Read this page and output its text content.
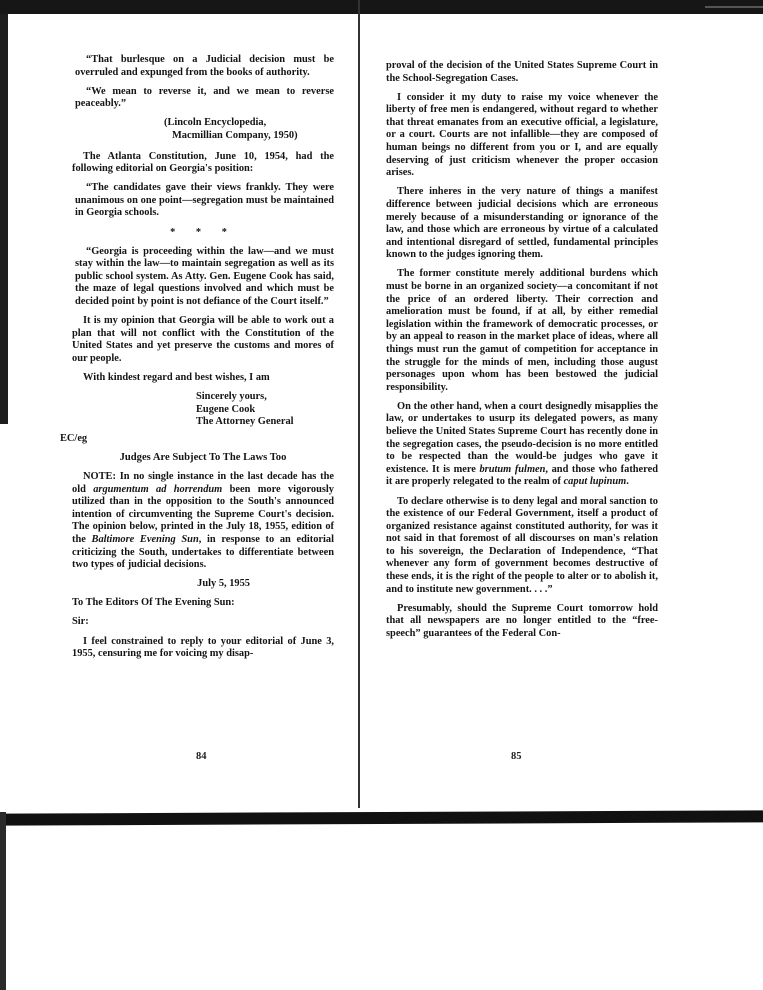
“That burlesque on a Judicial decision must be overruled and expunged from the books of authority.

“We mean to reverse it, and we mean to reverse peaceably.”

(Lincoln Encyclopedia,

Macmillian Company, 1950)

The Atlanta Constitution, June 10, 1954, had the following editorial on Georgia's position:

“The candidates gave their views frankly. They were unanimous on one point—segregation must be maintained in Georgia schools.

* * *

“Georgia is proceeding within the law—and we must stay within the law—to maintain segregation as well as its public school system. As Atty. Gen. Eugene Cook has said, the maze of legal questions involved and which must be decided point by point is not defiance of the Court itself.”

It is my opinion that Georgia will be able to work out a plan that will not conflict with the Constitution of the United States and yet preserve the customs and mores of our people.

With kindest regard and best wishes, I am

Sincerely yours,
Eugene Cook
The Attorney General

EC/eg

Judges Are Subject To The Laws Too

NOTE: In no single instance in the last decade has the old argumentum ad horrendum been more vigorously utilized than in the opposition to the South's announced intention of circumventing the Supreme Court's decision. The opinion below, printed in the July 18, 1955, edition of the Baltimore Evening Sun, in response to an editorial criticizing the South, undertakes to differentiate between two types of judicial decisions.

July 5, 1955

To The Editors Of The Evening Sun:

Sir:

I feel constrained to reply to your editorial of June 3, 1955, censuring me for voicing my disap-

proval of the decision of the United States Supreme Court in the School-Segregation Cases.

I consider it my duty to raise my voice whenever the liberty of free men is endangered, without regard to whether that threat emanates from an executive official, a legislature, or a court. Courts are not infallible—they are composed of human beings no different from you or I, and are equally deserving of just criticism whenever the proper occasion arises.

There inheres in the very nature of things a manifest difference between judicial decisions which are erroneous merely because of a misunderstanding or ignorance of the law, and those which are erroneous by virtue of a calculated and intentional disregard of settled, fundamental principles known to the judges ignoring them.

The former constitute merely additional burdens which must be borne in an organized society—a concomitant if not the price of an ordered liberty. Their correction and amelioration must be found, if at all, by either remedial legislation within the framework of democratic processes, or by an appeal to reason in the market place of ideas, where all things must run the gamut of competition for acceptance in the struggle for the minds of men, including those august personages upon whom has been bestowed the judicial responsibility.

On the other hand, when a court designedly misapplies the law, or undertakes to usurp its delegated powers, as many believe the United States Supreme Court has recently done in the segregation cases, the pseudo-decision is no more entitled to be respected than the would-be judges who gave it existence. It is mere brutum fulmen, and those who fathered it are properly relegated to the realm of caput lupinum.

To declare otherwise is to deny legal and moral sanction to the existence of our Federal Government, itself a product of organized resistance against constituted authority, for was it not said in that foremost of all discourses on man's relation to his sovereign, the Declaration of Independence, “That whenever any form of government becomes destructive of these ends, it is the right of the people to alter or to abolish it, and to institute new government. . . .”

Presumably, should the Supreme Court tomorrow hold that all newspapers are no longer entitled to the “free-speech” guarantees of the Federal Con-

84	85
